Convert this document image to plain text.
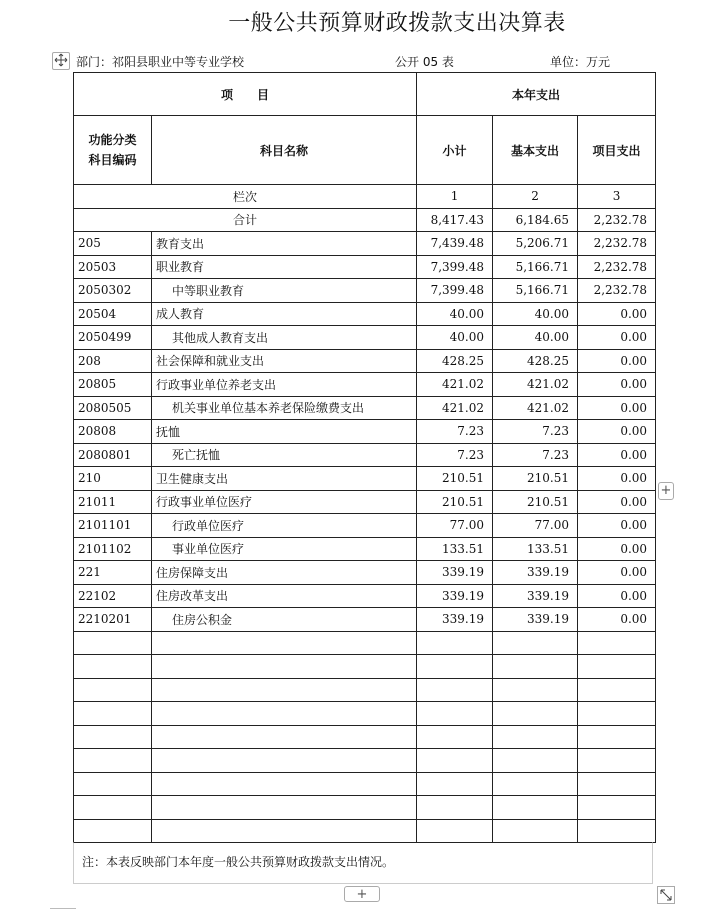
一般公共预算财政拨款支出决算表
部门：祁阳县职业中等专业学校	公开 05 表	单位：万元
项　　目		本年支出		

功能分类
科目编码	科目名称	小计	基本支出	项目支出
栏次		1	2	3
合计		8,417.43	6,184.65	2,232.78
205	教育支出	7,439.48	5,206.71	2,232.78
20503	职业教育	7,399.48	5,166.71	2,232.78
2050302	中等职业教育	7,399.48	5,166.71	2,232.78
20504	成人教育	40.00	40.00	0.00
2050499	其他成人教育支出	40.00	40.00	0.00
208	社会保障和就业支出	428.25	428.25	0.00
20805	行政事业单位养老支出	421.02	421.02	0.00
2080505	机关事业单位基本养老保险缴费支出	421.02	421.02	0.00
20808	抚恤	7.23	7.23	0.00
2080801	死亡抚恤	7.23	7.23	0.00
210	卫生健康支出	210.51	210.51	0.00
21011	行政事业单位医疗	210.51	210.51	0.00
2101101	行政单位医疗	77.00	77.00	0.00
2101102	事业单位医疗	133.51	133.51	0.00
221	住房保障支出	339.19	339.19	0.00
22102	住房改革支出	339.19	339.19	0.00
2210201	住房公积金	339.19	339.19	0.00

注：本表反映部门本年度一般公共预算财政拨款支出情况。
+
+
